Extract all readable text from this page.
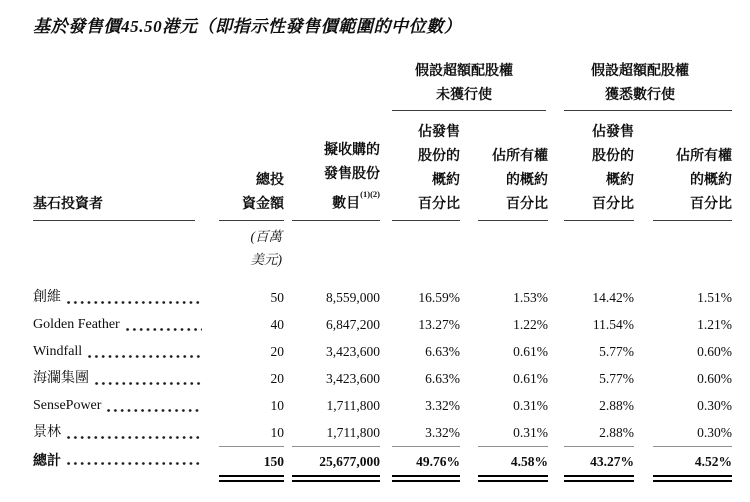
基於發售價45.50港元（即指示性發售價範圍的中位數）

假設超額配股權
未獲行使

假設超額配股權
獲悉數行使

基石投資者

總投
資金額

擬收購的
發售股份
數目$^{(1)(2)}$

佔發售
股份的
概約
百分比

佔所有權
的概約
百分比

佔發售
股份的
概約
百分比

佔所有權
的概約
百分比

	(百萬
美元)					

創維	50	8,559,000	16.59%	1.53%	14.42%	1.51%

Golden Feather	40	6,847,200	13.27%	1.22%	11.54%	1.21%

Windfall	20	3,423,600	6.63%	0.61%	5.77%	0.60%

海瀾集團	20	3,423,600	6.63%	0.61%	5.77%	0.60%

SensePower	10	1,711,800	3.32%	0.31%	2.88%	0.30%

景林	10	1,711,800	3.32%	0.31%	2.88%	0.30%

總計	150	25,677,000	49.76%	4.58%	43.27%	4.52%
